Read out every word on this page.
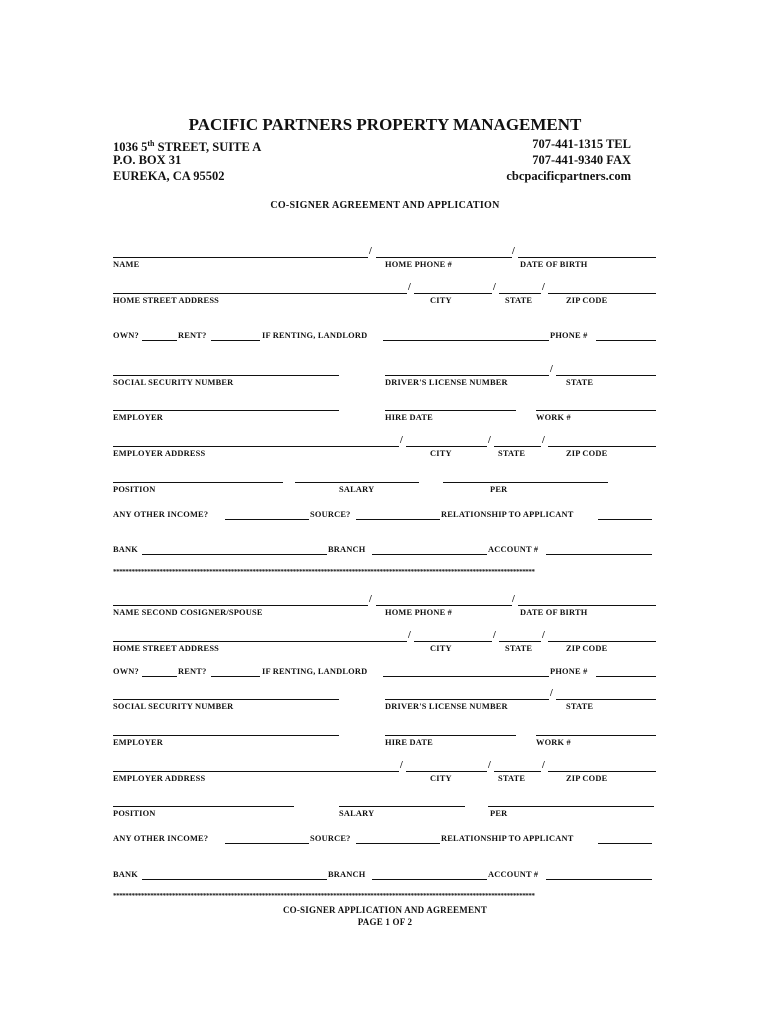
PACIFIC PARTNERS PROPERTY MANAGEMENT
1036 5th STREET, SUITE A
P.O. BOX 31
EUREKA, CA 95502
707-441-1315 TEL
707-441-9340 FAX
cbcpacificpartners.com
CO-SIGNER AGREEMENT AND APPLICATION
/	/
NAME	HOME PHONE #	DATE OF BIRTH
/	/	/
HOME STREET ADDRESS	CITY	STATE	ZIP CODE
OWN?	RENT?	IF RENTING, LANDLORD	PHONE #
/
SOCIAL SECURITY NUMBER	DRIVER'S LICENSE NUMBER	STATE
EMPLOYER	HIRE DATE	WORK #
/	/	/
EMPLOYER ADDRESS	CITY	STATE	ZIP CODE
POSITION	SALARY	PER
ANY OTHER INCOME?	SOURCE?	RELATIONSHIP TO APPLICANT
BANK	BRANCH	ACCOUNT #
****************************************************************************************************************************************
/	/
NAME SECOND COSIGNER/SPOUSE	HOME PHONE #	DATE OF BIRTH
/	/	/
HOME STREET ADDRESS	CITY	STATE	ZIP CODE
OWN?	RENT?	IF RENTING, LANDLORD	PHONE #
/
SOCIAL SECURITY NUMBER	DRIVER'S LICENSE NUMBER	STATE
EMPLOYER	HIRE DATE	WORK #
/	/	/
EMPLOYER ADDRESS	CITY	STATE	ZIP CODE
POSITION	SALARY	PER
ANY OTHER INCOME?	SOURCE?	RELATIONSHIP TO APPLICANT
BANK	BRANCH	ACCOUNT #
****************************************************************************************************************************************
CO-SIGNER APPLICATION AND AGREEMENT
PAGE 1 OF 2
